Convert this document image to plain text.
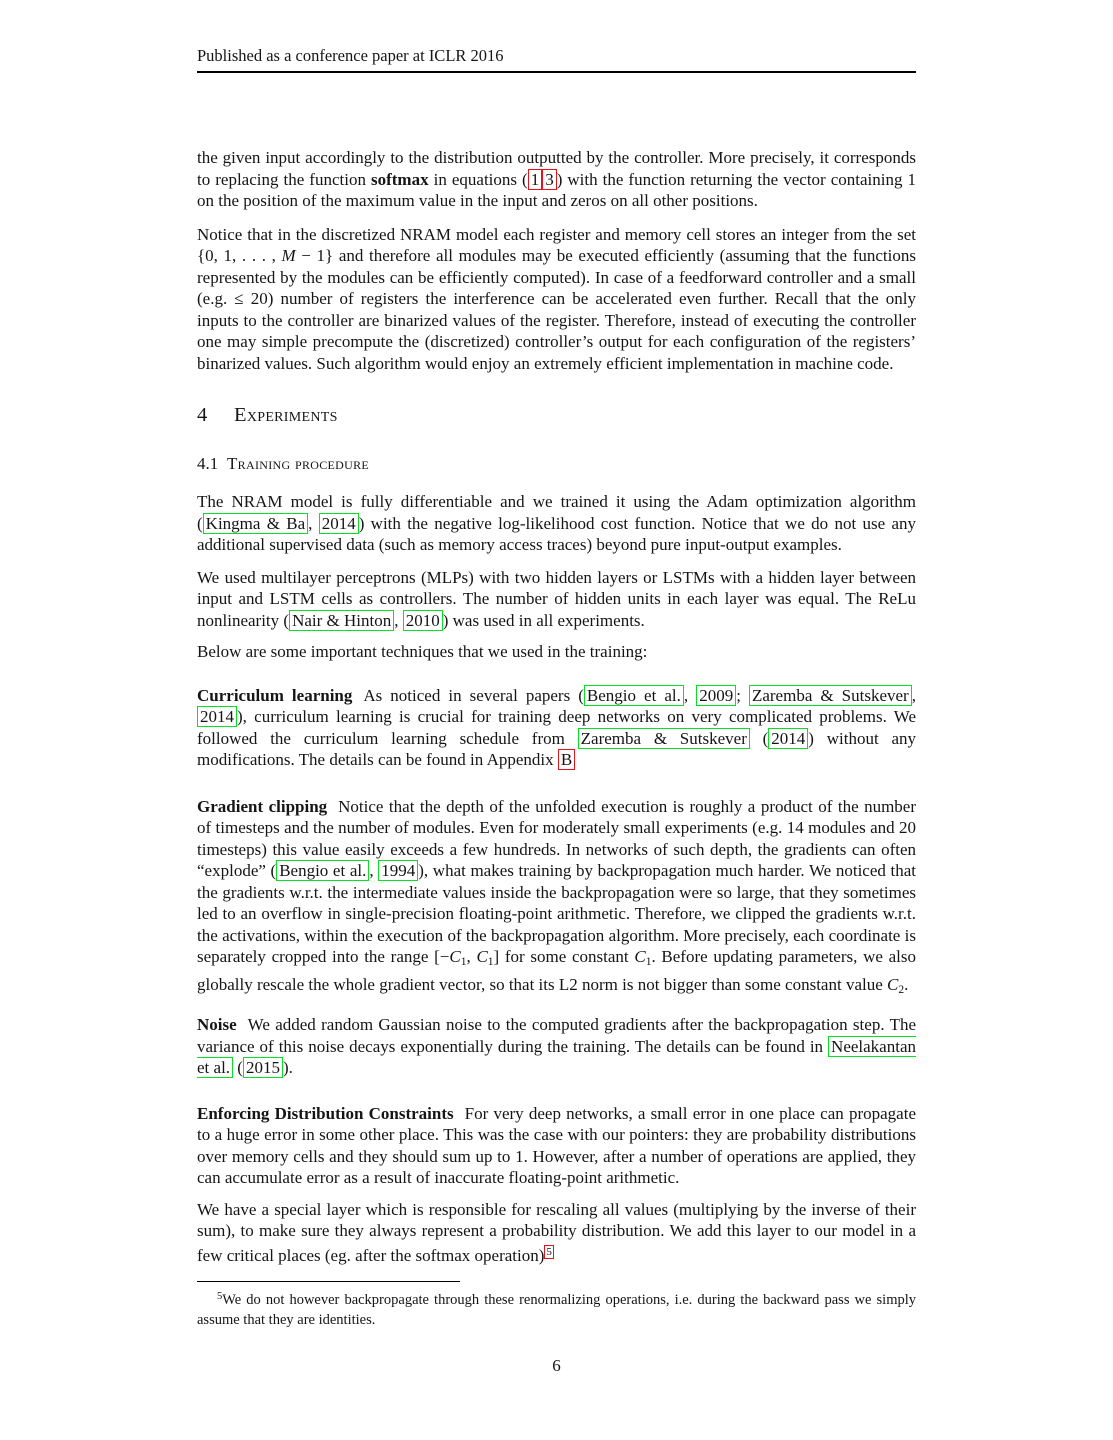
Published as a conference paper at ICLR 2016
the given input accordingly to the distribution outputted by the controller. More precisely, it corresponds to replacing the function softmax in equations ( 1 3 ) with the function returning the vector containing 1 on the position of the maximum value in the input and zeros on all other positions.
Notice that in the discretized NRAM model each register and memory cell stores an integer from the set {0, 1, . . . , M − 1} and therefore all modules may be executed efficiently (assuming that the functions represented by the modules can be efficiently computed). In case of a feedforward controller and a small (e.g. ≤ 20) number of registers the interference can be accelerated even further. Recall that the only inputs to the controller are binarized values of the register. Therefore, instead of executing the controller one may simple precompute the (discretized) controller’s output for each configuration of the registers’ binarized values. Such algorithm would enjoy an extremely efficient implementation in machine code.
4 Experiments
4.1 Training procedure
The NRAM model is fully differentiable and we trained it using the Adam optimization algorithm ( Kingma & Ba , 2014 ) with the negative log-likelihood cost function. Notice that we do not use any additional supervised data (such as memory access traces) beyond pure input-output examples.
We used multilayer perceptrons (MLPs) with two hidden layers or LSTMs with a hidden layer between input and LSTM cells as controllers. The number of hidden units in each layer was equal. The ReLu nonlinearity ( Nair & Hinton , 2010 ) was used in all experiments.
Below are some important techniques that we used in the training:
Curriculum learning As noticed in several papers ( Bengio et al. , 2009 ; Zaremba & Sutskever , 2014 ), curriculum learning is crucial for training deep networks on very complicated problems. We followed the curriculum learning schedule from Zaremba & Sutskever ( 2014 ) without any modifications. The details can be found in Appendix B
Gradient clipping Notice that the depth of the unfolded execution is roughly a product of the number of timesteps and the number of modules. Even for moderately small experiments (e.g. 14 modules and 20 timesteps) this value easily exceeds a few hundreds. In networks of such depth, the gradients can often “explode” ( Bengio et al. , 1994 ), what makes training by backpropagation much harder. We noticed that the gradients w.r.t. the intermediate values inside the backpropagation were so large, that they sometimes led to an overflow in single-precision floating-point arithmetic. Therefore, we clipped the gradients w.r.t. the activations, within the execution of the backpropagation algorithm. More precisely, each coordinate is separately cropped into the range [−C1, C1] for some constant C1. Before updating parameters, we also globally rescale the whole gradient vector, so that its L2 norm is not bigger than some constant value C2.
Noise We added random Gaussian noise to the computed gradients after the backpropagation step. The variance of this noise decays exponentially during the training. The details can be found in Neelakantan et al. ( 2015 ).
Enforcing Distribution Constraints For very deep networks, a small error in one place can propagate to a huge error in some other place. This was the case with our pointers: they are probability distributions over memory cells and they should sum up to 1. However, after a number of operations are applied, they can accumulate error as a result of inaccurate floating-point arithmetic.
We have a special layer which is responsible for rescaling all values (multiplying by the inverse of their sum), to make sure they always represent a probability distribution. We add this layer to our model in a few critical places (eg. after the softmax operation) $^5$
$^5$We do not however backpropagate through these renormalizing operations, i.e. during the backward pass we simply assume that they are identities.
6
